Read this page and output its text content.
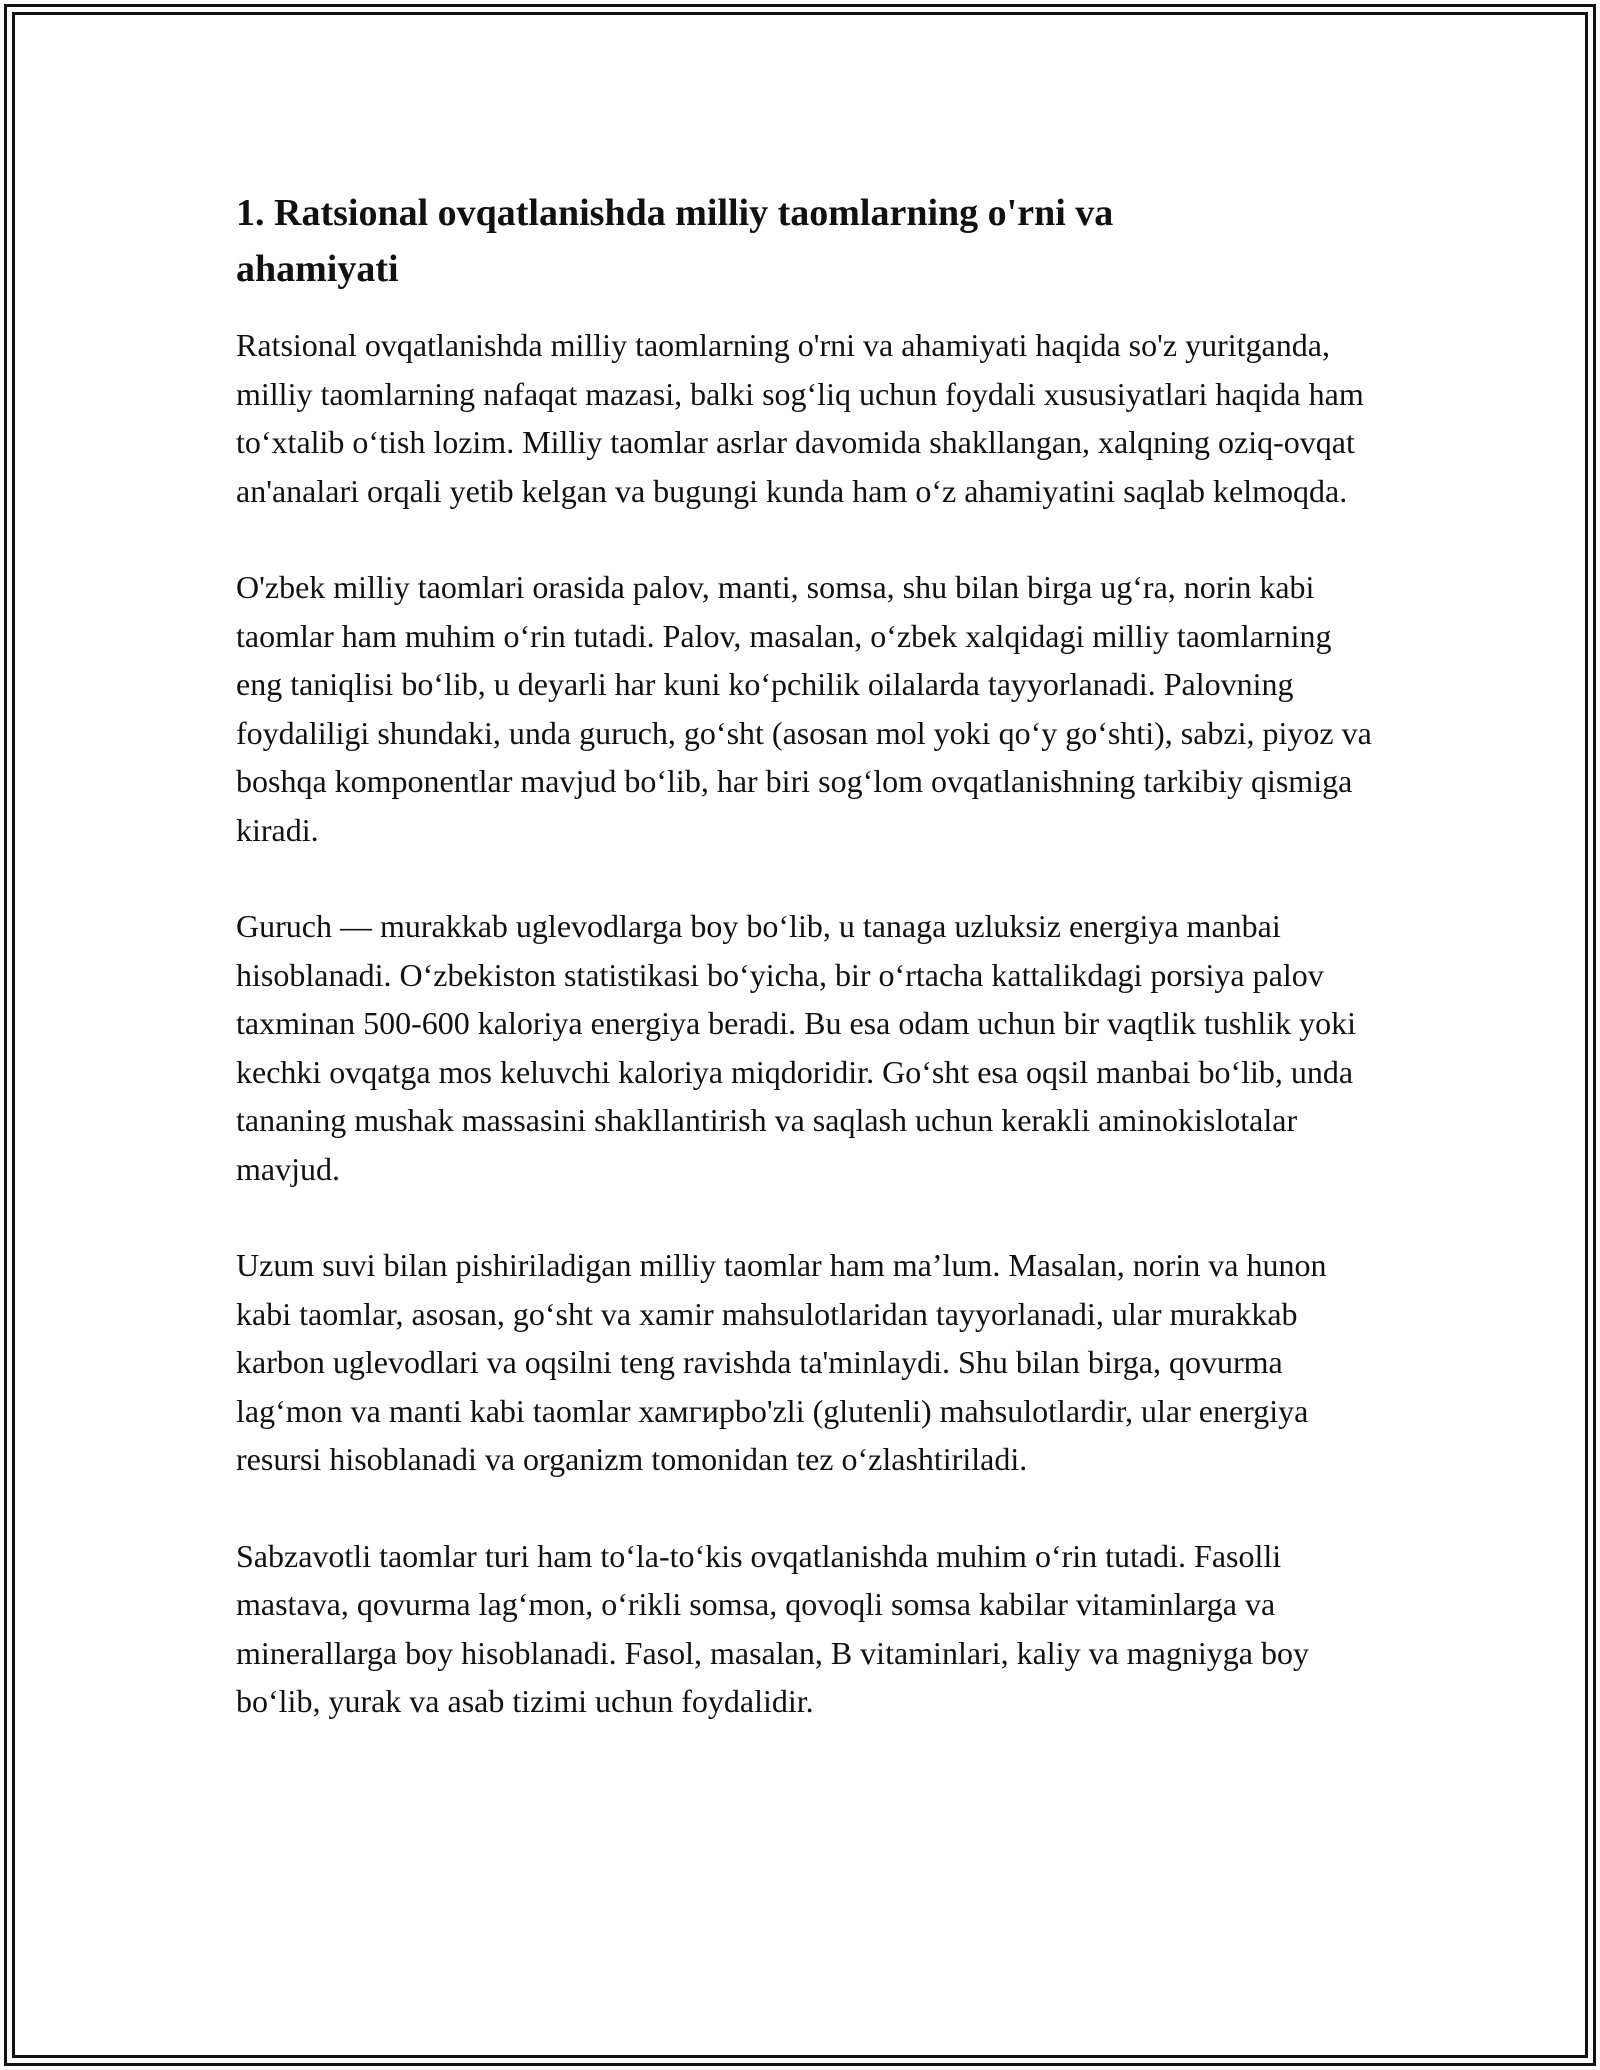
1. Ratsional ovqatlanishda milliy taomlarning o'rni va ahamiyati

Ratsional ovqatlanishda milliy taomlarning o'rni va ahamiyati haqida so'z yuritganda, milliy taomlarning nafaqat mazasi, balki sog‘liq uchun foydali xususiyatlari haqida ham to‘xtalib o‘tish lozim. Milliy taomlar asrlar davomida shakllangan, xalqning oziq-ovqat an'analari orqali yetib kelgan va bugungi kunda ham o‘z ahamiyatini saqlab kelmoqda.

O'zbek milliy taomlari orasida palov, manti, somsa, shu bilan birga ug‘ra, norin kabi taomlar ham muhim o‘rin tutadi. Palov, masalan, o‘zbek xalqidagi milliy taomlarning eng taniqlisi bo‘lib, u deyarli har kuni ko‘pchilik oilalarda tayyorlanadi. Palovning foydaliligi shundaki, unda guruch, go‘sht (asosan mol yoki qo‘y go‘shti), sabzi, piyoz va boshqa komponentlar mavjud bo‘lib, har biri sog‘lom ovqatlanishning tarkibiy qismiga kiradi.

Guruch — murakkab uglevodlarga boy bo‘lib, u tanaga uzluksiz energiya manbai hisoblanadi. O‘zbekiston statistikasi bo‘yicha, bir o‘rtacha kattalikdagi porsiya palov taxminan 500-600 kaloriya energiya beradi. Bu esa odam uchun bir vaqtlik tushlik yoki kechki ovqatga mos keluvchi kaloriya miqdoridir. Go‘sht esa oqsil manbai bo‘lib, unda tananing mushak massasini shakllantirish va saqlash uchun kerakli aminokislotalar mavjud.

Uzum suvi bilan pishiriladigan milliy taomlar ham ma’lum. Masalan, norin va hunon kabi taomlar, asosan, go‘sht va xamir mahsulotlaridan tayyorlanadi, ular murakkab karbon uglevodlari va oqsilni teng ravishda ta'minlaydi. Shu bilan birga, qovurma lag‘mon va manti kabi taomlar хамгирbo'zli (glutenli) mahsulotlardir, ular energiya resursi hisoblanadi va organizm tomonidan tez o‘zlashtiriladi.

Sabzavotli taomlar turi ham to‘la-to‘kis ovqatlanishda muhim o‘rin tutadi. Fasolli mastava, qovurma lag‘mon, o‘rikli somsa, qovoqli somsa kabilar vitaminlarga va minerallarga boy hisoblanadi. Fasol, masalan, B vitaminlari, kaliy va magniyga boy bo‘lib, yurak va asab tizimi uchun foydalidir.
